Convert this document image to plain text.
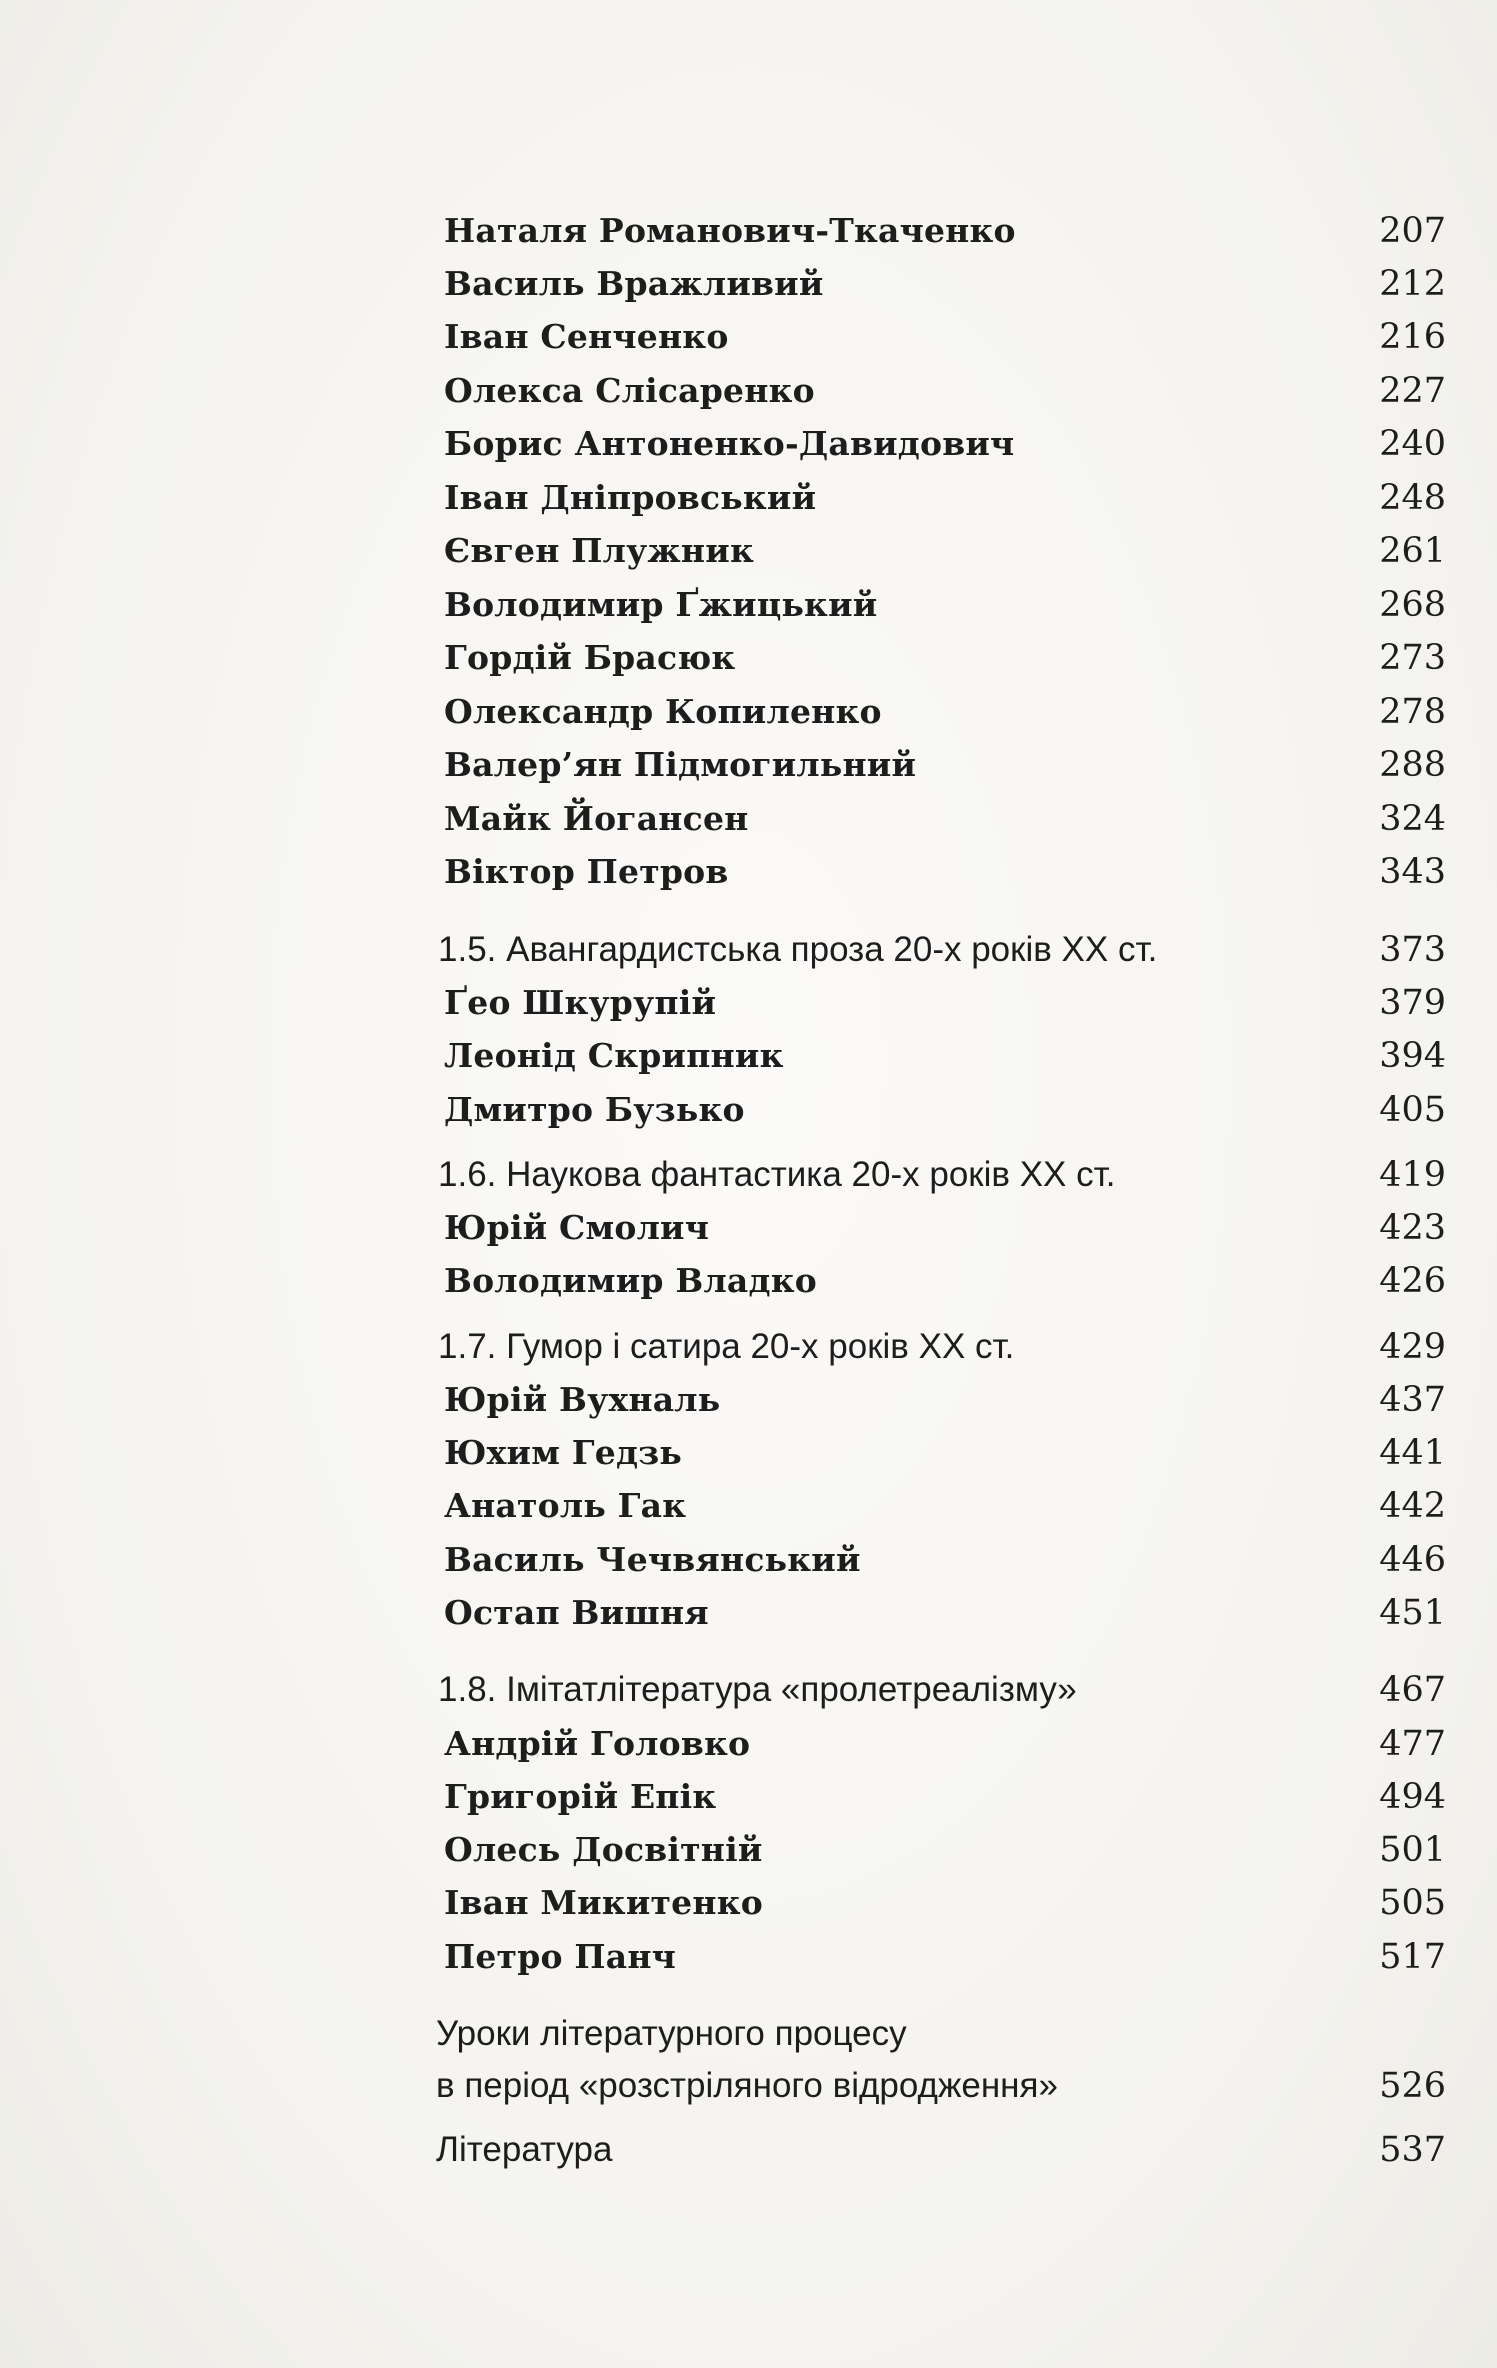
Наталя Романович-Ткаченко	207
Василь Вражливий	212
Іван Сенченко	216
Олекса Слісаренко	227
Борис Антоненко-Давидович	240
Іван Дніпровський	248
Євген Плужник	261
Володимир Ґжицький	268
Гордій Брасюк	273
Олександр Копиленко	278
Валер’ян Підмогильний	288
Майк Йогансен	324
Віктор Петров	343
1.5. Авангардистська проза 20-х років XX ст.	373
Ґео Шкурупій	379
Леонід Скрипник	394
Дмитро Бузько	405
1.6. Наукова фантастика 20-х років XX ст.	419
Юрій Смолич	423
Володимир Владко	426
1.7. Гумор і сатира 20-х років XX ст.	429
Юрій Вухналь	437
Юхим Гедзь	441
Анатоль Гак	442
Василь Чечвянський	446
Остап Вишня	451
1.8. Імітатлітература «пролетреалізму»	467
Андрій Головко	477
Григорій Епік	494
Олесь Досвітній	501
Іван Микитенко	505
Петро Панч	517
Уроки літературного процесу
в період «розстріляного відродження»	526
Література	537
